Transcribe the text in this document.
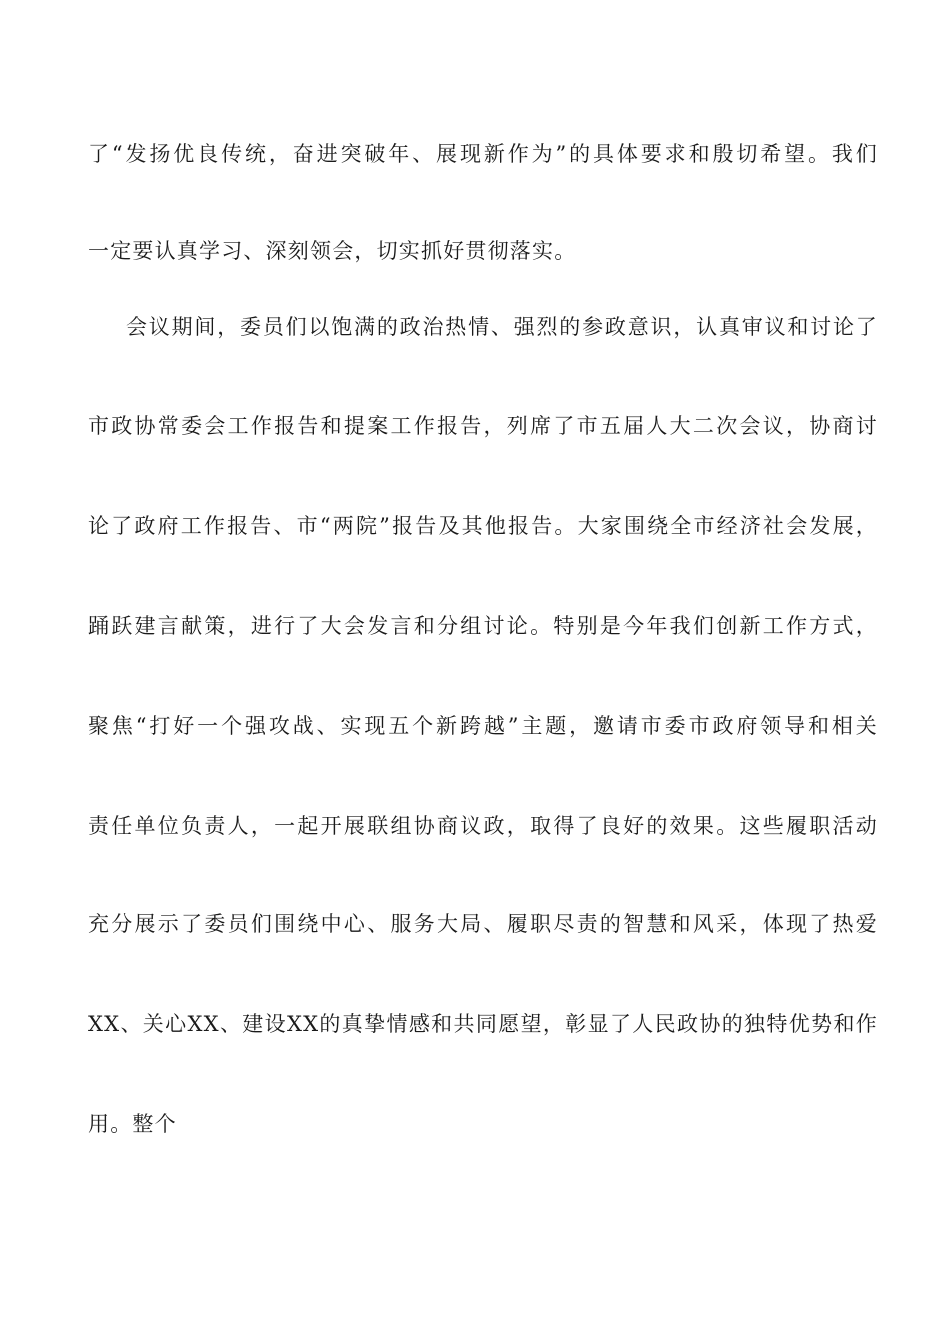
了“发扬优良传统，奋进突破年、展现新作为”的具体要求和殷切希望。我们
一定要认真学习、深刻领会，切实抓好贯彻落实。
会议期间，委员们以饱满的政治热情、强烈的参政意识，认真审议和讨论了
市政协常委会工作报告和提案工作报告，列席了市五届人大二次会议，协商讨
论了政府工作报告、市“两院”报告及其他报告。大家围绕全市经济社会发展，
踊跃建言献策，进行了大会发言和分组讨论。特别是今年我们创新工作方式，
聚焦“打好一个强攻战、实现五个新跨越”主题，邀请市委市政府领导和相关
责任单位负责人，一起开展联组协商议政，取得了良好的效果。这些履职活动
充分展示了委员们围绕中心、服务大局、履职尽责的智慧和风采，体现了热爱
XX、关心XX、建设XX的真挚情感和共同愿望，彰显了人民政协的独特优势和作
用。整个
